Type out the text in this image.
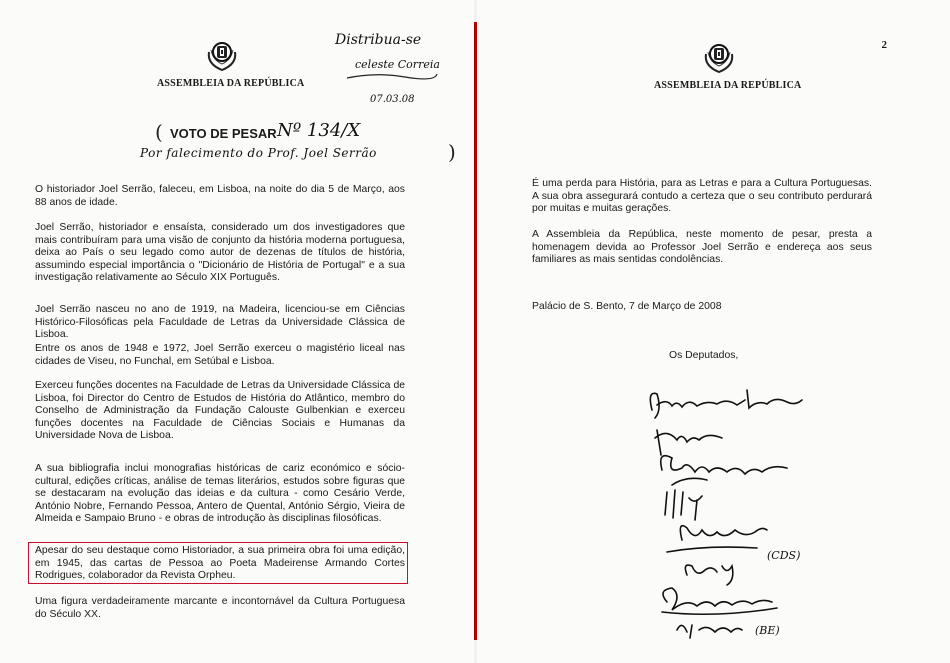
ASSEMBLEIA DA REPÚBLICA
Distribua-se
celeste Correia
07.03.08
( VOTO DE PESAR Nº 134/X
Por falecimento do Prof. Joel Serrão	)

O historiador Joel Serrão, faleceu, em Lisboa, na noite do dia 5 de Março, aos 88 anos de idade.

Joel Serrão, historiador e ensaísta, considerado um dos investigadores que mais contribuíram para uma visão de conjunto da história moderna portuguesa, deixa ao País o seu legado como autor de dezenas de títulos de história, assumindo especial importância o "Dicionário de História de Portugal" e a sua investigação relativamente ao Século XIX Português.

Joel Serrão nasceu no ano de 1919, na Madeira, licenciou-se em Ciências Histórico-Filosóficas pela Faculdade de Letras da Universidade Clássica de Lisboa.

Entre os anos de 1948 e 1972, Joel Serrão exerceu o magistério liceal nas cidades de Viseu, no Funchal, em Setúbal e Lisboa.

Exerceu funções docentes na Faculdade de Letras da Universidade Clássica de Lisboa, foi Director do Centro de Estudos de História do Atlântico, membro do Conselho de Administração da Fundação Calouste Gulbenkian e exerceu funções docentes na Faculdade de Ciências Sociais e Humanas da Universidade Nova de Lisboa.

A sua bibliografia inclui monografias históricas de cariz económico e sócio-cultural, edições críticas, análise de temas literários, estudos sobre figuras que se destacaram na evolução das ideias e da cultura - como Cesário Verde, António Nobre, Fernando Pessoa, Antero de Quental, António Sérgio, Vieira de Almeida e Sampaio Bruno - e obras de introdução às disciplinas filosóficas.

Apesar do seu destaque como Historiador, a sua primeira obra foi uma edição, em 1945, das cartas de Pessoa ao Poeta Madeirense Armando Cortes Rodrigues, colaborador da Revista Orpheu.

Uma figura verdadeiramente marcante e incontornável da Cultura Portuguesa do Século XX.

2
ASSEMBLEIA DA REPÚBLICA

É uma perda para História, para as Letras e para a Cultura Portuguesas. A sua obra assegurará contudo a certeza que o seu contributo perdurará por muitas e muitas gerações.

A Assembleia da República, neste momento de pesar, presta a homenagem devida ao Professor Joel Serrão e endereça aos seus familiares as mais sentidas condolências.

Palácio de S. Bento, 7 de Março de 2008

Os Deputados,

(CDS)
(BE)
